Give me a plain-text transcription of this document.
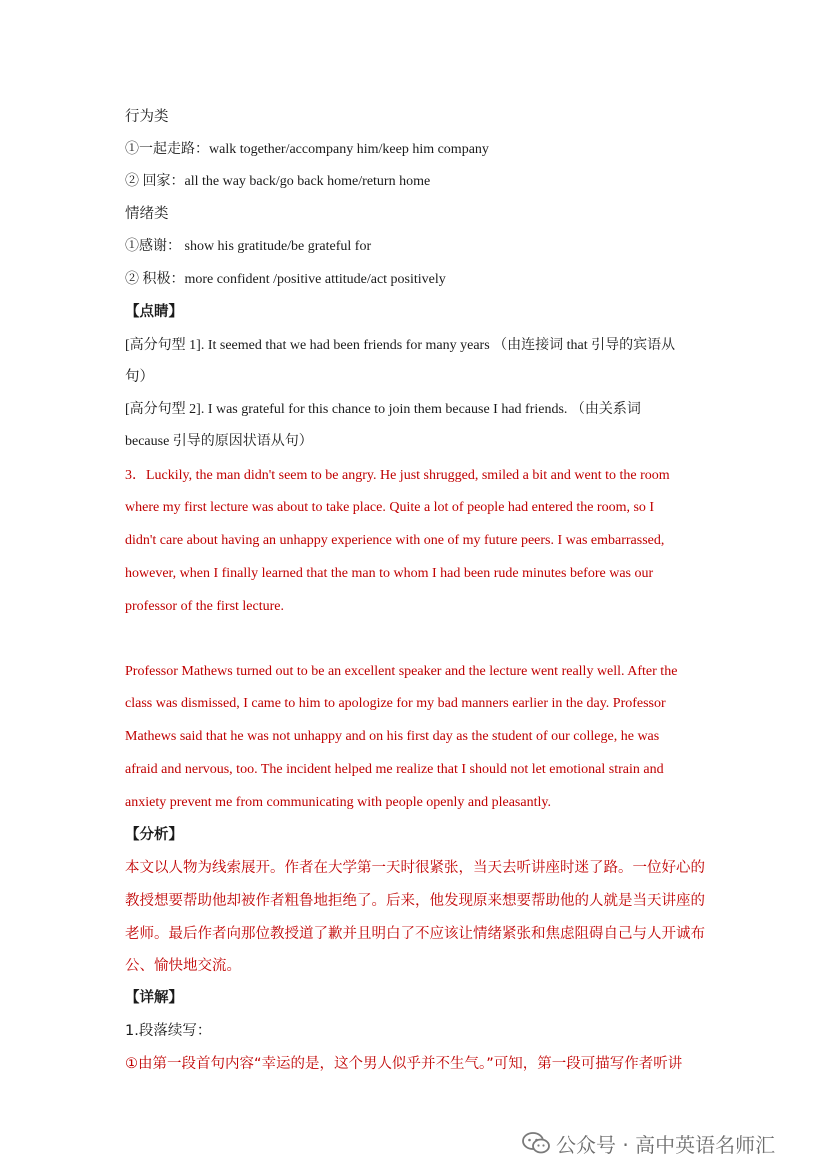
行为类
①一起走路：walk together/accompany him/keep him company
② 回家：all the way back/go back home/return home
情绪类
①感谢： show his gratitude/be grateful for
② 积极：more confident /positive attitude/act positively
【点睛】
[高分句型 1]. It seemed that we had been friends for many years （由连接词 that 引导的宾语从
句）
[高分句型 2]. I was grateful for this chance to join them because I had friends. （由关系词
because 引导的原因状语从句）
3．Luckily, the man didn't seem to be angry. He just shrugged, smiled a bit and went to the room
where my first lecture was about to take place. Quite a lot of people had entered the room, so I
didn't care about having an unhappy experience with one of my future peers. I was embarrassed,
however, when I finally learned that the man to whom I had been rude minutes before was our
professor of the first lecture.
Professor Mathews turned out to be an excellent speaker and the lecture went really well. After the
class was dismissed, I came to him to apologize for my bad manners earlier in the day. Professor
Mathews said that he was not unhappy and on his first day as the student of our college, he was
afraid and nervous, too. The incident helped me realize that I should not let emotional strain and
anxiety prevent me from communicating with people openly and pleasantly.
【分析】
本文以人物为线索展开。作者在大学第一天时很紧张，当天去听讲座时迷了路。一位好心的
教授想要帮助他却被作者粗鲁地拒绝了。后来，他发现原来想要帮助他的人就是当天讲座的
老师。最后作者向那位教授道了歉并且明白了不应该让情绪紧张和焦虑阻碍自己与人开诚布
公、愉快地交流。
【详解】
1.段落续写：
①由第一段首句内容“幸运的是，这个男人似乎并不生气。”可知，第一段可描写作者听讲
公众号 · 高中英语名师汇
